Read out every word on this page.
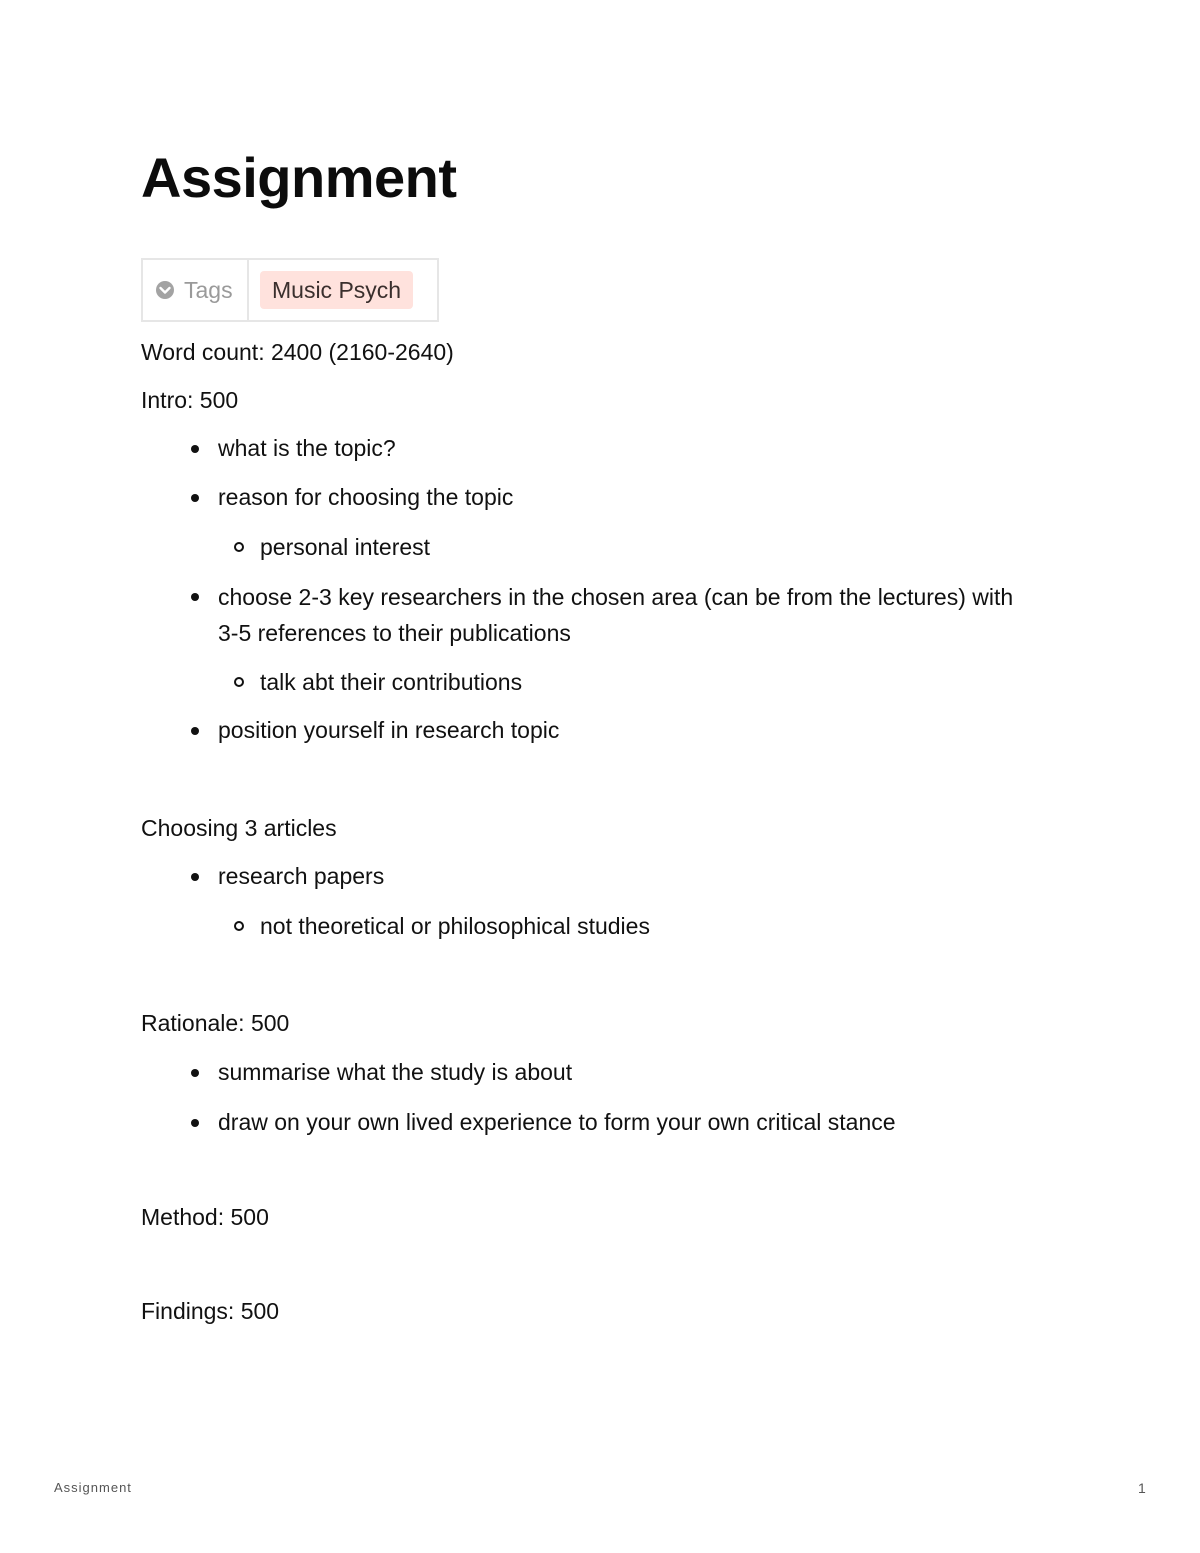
Assignment
Tags	Music Psych
Word count: 2400 (2160-2640)
Intro: 500
what is the topic?
reason for choosing the topic
personal interest
choose 2-3 key researchers in the chosen area (can be from the lectures) with 3-5 references to their publications
talk abt their contributions
position yourself in research topic
Choosing 3 articles
research papers
not theoretical or philosophical studies
Rationale: 500
summarise what the study is about
draw on your own lived experience to form your own critical stance
Method: 500
Findings: 500
Assignment	1
